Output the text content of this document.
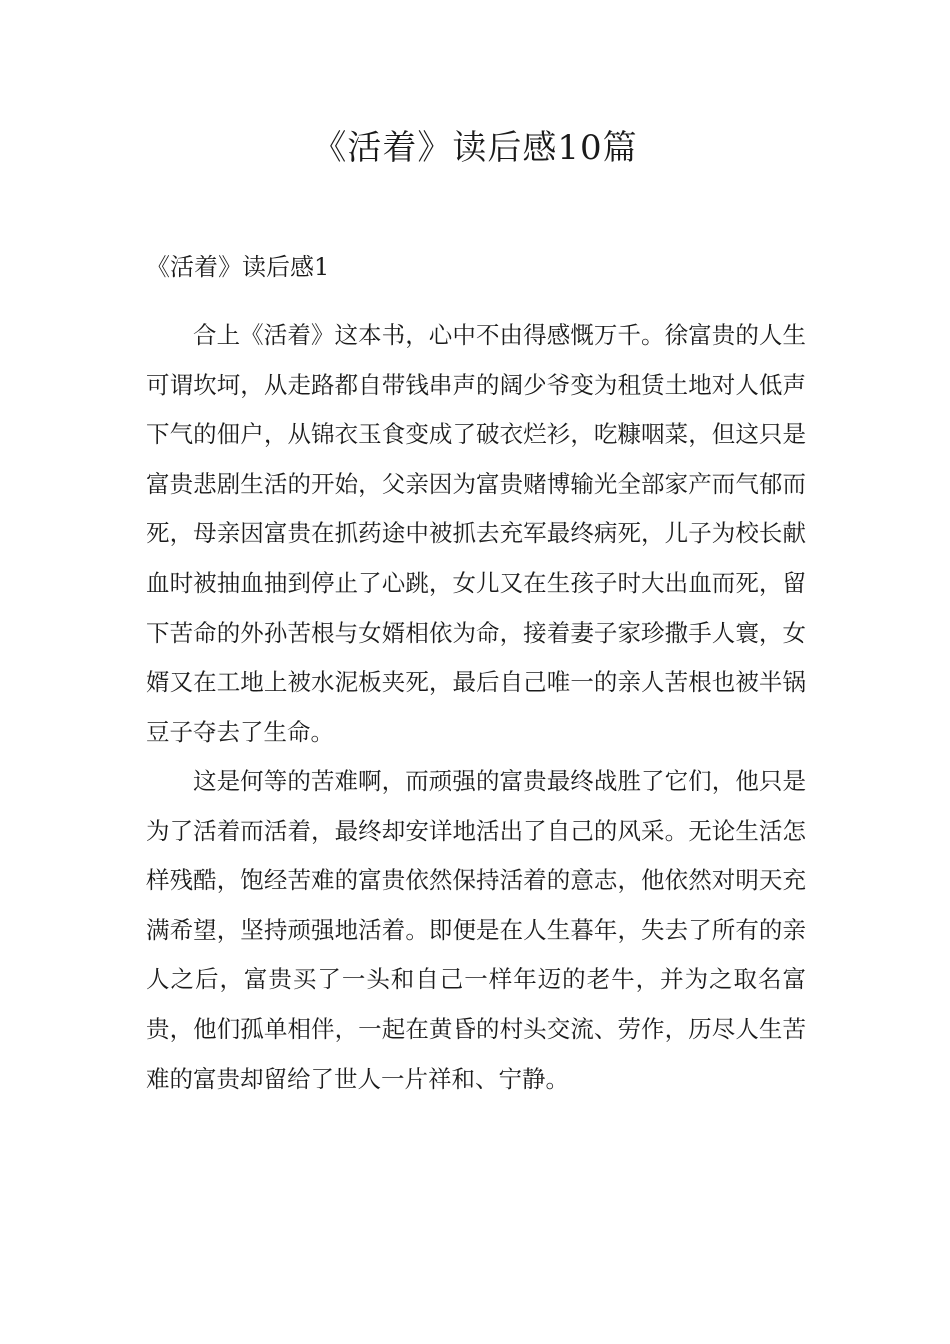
《活着》读后感10篇
《活着》读后感1

合上《活着》这本书，心中不由得感慨万千。徐富贵的人生可谓坎坷，从走路都自带钱串声的阔少爷变为租赁土地对人低声下气的佃户，从锦衣玉食变成了破衣烂衫，吃糠咽菜，但这只是富贵悲剧生活的开始，父亲因为富贵赌博输光全部家产而气郁而死，母亲因富贵在抓药途中被抓去充军最终病死，儿子为校长献血时被抽血抽到停止了心跳，女儿又在生孩子时大出血而死，留下苦命的外孙苦根与女婿相依为命，接着妻子家珍撒手人寰，女婿又在工地上被水泥板夹死，最后自己唯一的亲人苦根也被半锅豆子夺去了生命。

这是何等的苦难啊，而顽强的富贵最终战胜了它们，他只是为了活着而活着，最终却安详地活出了自己的风采。无论生活怎样残酷，饱经苦难的富贵依然保持活着的意志，他依然对明天充满希望，坚持顽强地活着。即便是在人生暮年，失去了所有的亲人之后，富贵买了一头和自己一样年迈的老牛，并为之取名富贵，他们孤单相伴，一起在黄昏的村头交流、劳作，历尽人生苦难的富贵却留给了世人一片祥和、宁静。
